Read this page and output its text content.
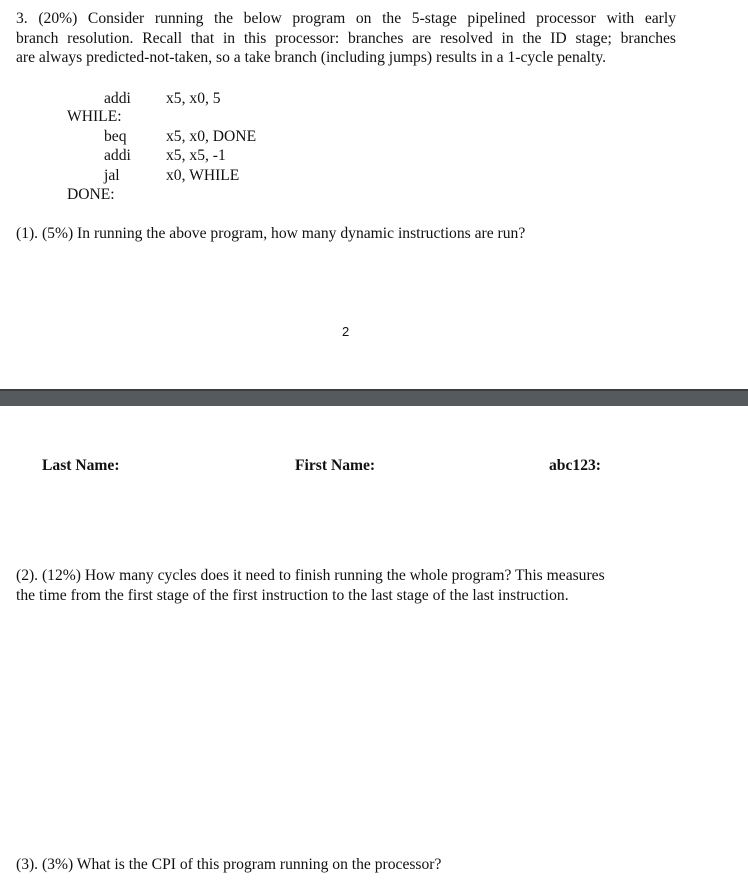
3. (20%) Consider running the below program on the 5-stage pipelined processor with early
branch resolution. Recall that in this processor: branches are resolved in the ID stage; branches
are always predicted-not-taken, so a take branch (including jumps) results in a 1-cycle penalty.
addi x5, x0, 5
WHILE:
beq	x5, x0, DONE
addi x5, x5, -1
jal	x0, WHILE
DONE:
(1). (5%) In running the above program, how many dynamic instructions are run?
2
Last Name:	First Name:	abc123:
(2). (12%) How many cycles does it need to finish running the whole program? This measures
the time from the first stage of the first instruction to the last stage of the last instruction.
(3). (3%) What is the CPI of this program running on the processor?
